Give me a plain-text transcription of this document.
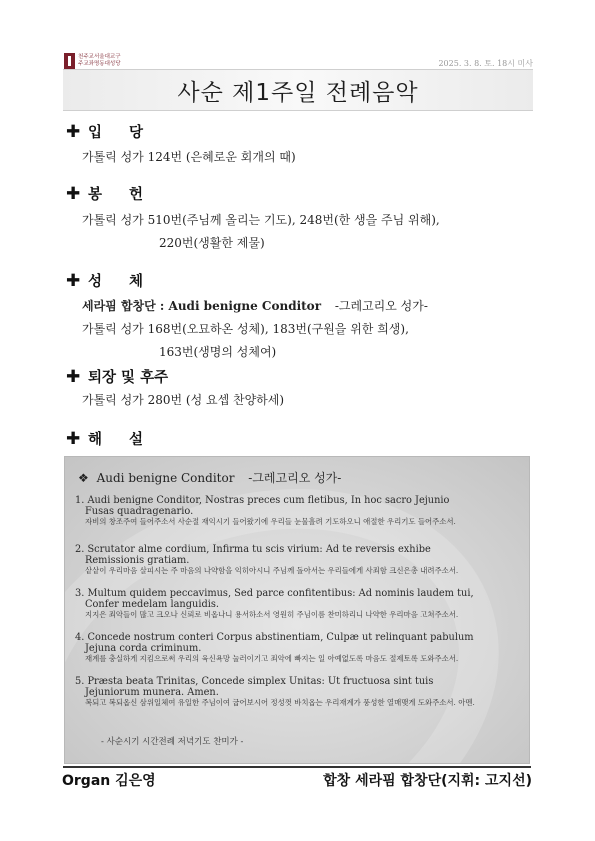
천주교서울대교구
주교좌명동대성당	2025. 3. 8. 토. 18시 미사
사순 제1주일 전례음악
✚ 입 당
가톨릭 성가 124번 (은혜로운 회개의 때)
✚ 봉 헌
가톨릭 성가 510번(주님께 올리는 기도), 248번(한 생을 주님 위해),
220번(생활한 제물)
✚ 성 체
세라핌 합창단 : Audi benigne Conditor -그레고리오 성가-
가톨릭 성가 168번(오묘하온 성체), 183번(구원을 위한 희생),
163번(생명의 성체여)
✚ 퇴장 및 후주
가톨릭 성가 280번 (성 요셉 찬양하세)
✚ 해 설
❖ Audi benigne Conditor -그레고리오 성가-
1. Audi benigne Conditor, Nostras preces cum fletibus, In hoc sacro Jejunio
Fusas quadragenario.
자비의 창조주여 들어주소서 사순절 재익시기 들어왔기에 우리들 눈물흘려 기도하오니 애절한 우리기도 들어주소서.
2. Scrutator alme cordium, Infirma tu scis virium: Ad te reversis exhibe
Remissionis gratiam.
샅샅이 우리마음 살피시는 주 마음의 나약함을 익히아시니 주님께 돌아서는 우리들에게 사죄함 크신은총 내려주소서.
3. Multum quidem peccavimus, Sed parce confitentibus: Ad nominis laudem tui,
Confer medelam languidis.
지지은 죄악들이 많고 크오나 신뢰로 비옵나니 용서하소서 영원히 주님이름 찬미하리니 나약한 우리마음 고쳐주소서.
4. Concede nostrum conteri Corpus abstinentiam, Culpæ ut relinquant pabulum
Jejuna corda criminum.
재계를 충실하게 지킴으로써 우리의 육신욕망 눌러이기고 죄악에 빠지는 일 아예없도록 마음도 절제토록 도와주소서.
5. Præsta beata Trinitas, Concede simplex Unitas: Ut fructuosa sint tuis
Jejuniorum munera. Amen.
복되고 복되옵신 삼위일체여 유일한 주님이여 굽어보시어 정성껏 바치옵는 우리재계가 풍성한 열매맺게 도와주소서. 아멘.
- 사순시기 시간전례 저녁기도 찬미가 -
Organ 김은영	합창 세라핌 합창단(지휘: 고지선)
